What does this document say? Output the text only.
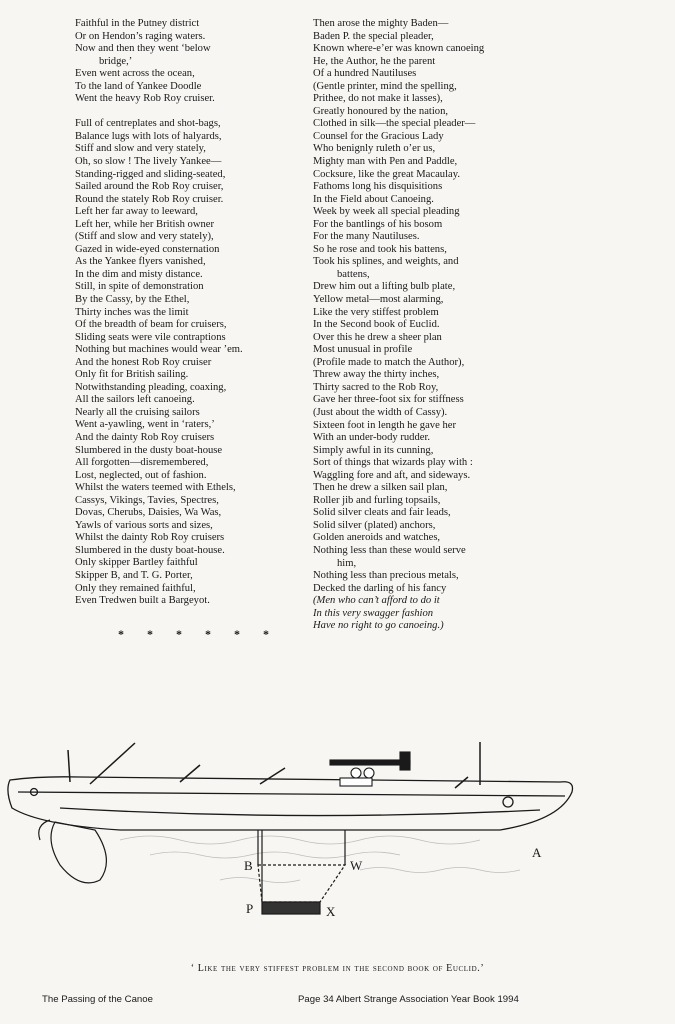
Faithful in the Putney district
Or on Hendon’s raging waters.
Now and then they went ‘below
bridge,’
Even went across the ocean,
To the land of Yankee Doodle
Went the heavy Rob Roy cruiser.
Full of centreplates and shot-bags,
Balance lugs with lots of halyards,
Stiff and slow and very stately,
Oh, so slow ! The lively Yankee—
Standing-rigged and sliding-seated,
Sailed around the Rob Roy cruiser,
Round the stately Rob Roy cruiser.
Left her far away to leeward,
Left her, while her British owner
(Stiff and slow and very stately),
Gazed in wide-eyed consternation
As the Yankee flyers vanished,
In the dim and misty distance.
Still, in spite of demonstration
By the Cassy, by the Ethel,
Thirty inches was the limit
Of the breadth of beam for cruisers,
Sliding seats were vile contraptions
Nothing but machines would wear ’em.
And the honest Rob Roy cruiser
Only fit for British sailing.
Notwithstanding pleading, coaxing,
All the sailors left canoeing.
Nearly all the cruising sailors
Went a-yawling, went in ‘raters,’
And the dainty Rob Roy cruisers
Slumbered in the dusty boat-house
All forgotten—disremembered,
Lost, neglected, out of fashion.
Whilst the waters teemed with Ethels,
Cassys, Vikings, Tavies, Spectres,
Dovas, Cherubs, Daisies, Wa Was,
Yawls of various sorts and sizes,
Whilst the dainty Rob Roy cruisers
Slumbered in the dusty boat-house.
Only skipper Bartley faithful
Skipper B, and T. G. Porter,
Only they remained faithful,
Even Tredwen built a Bargeyot.
* * * * * *
Then arose the mighty Baden—
Baden P. the special pleader,
Known where-e’er was known canoeing
He, the Author, he the parent
Of a hundred Nautiluses
(Gentle printer, mind the spelling,
Prithee, do not make it lasses),
Greatly honoured by the nation,
Clothed in silk—the special pleader—
Counsel for the Gracious Lady
Who benignly ruleth o’er us,
Mighty man with Pen and Paddle,
Cocksure, like the great Macaulay.
Fathoms long his disquisitions
In the Field about Canoeing.
Week by week all special pleading
For the bantlings of his bosom
For the many Nautiluses.
So he rose and took his battens,
Took his splines, and weights, and
battens,
Drew him out a lifting bulb plate,
Yellow metal—most alarming,
Like the very stiffest problem
In the Second book of Euclid.
Over this he drew a sheer plan
Most unusual in profile
(Profile made to match the Author),
Threw away the thirty inches,
Thirty sacred to the Rob Roy,
Gave her three-foot six for stiffness
(Just about the width of Cassy).
Sixteen foot in length he gave her
With an under-body rudder.
Simply awful in its cunning,
Sort of things that wizards play with :
Waggling fore and aft, and sideways.
Then he drew a silken sail plan,
Roller jib and furling topsails,
Solid silver cleats and fair leads,
Solid silver (plated) anchors,
Golden aneroids and watches,
Nothing less than these would serve
him,
Nothing less than precious metals,
Decked the darling of his fancy
(Men who can’t afford to do it
In this very swagger fashion
Have no right to go canoeing.)
B	W
P	X
A
‘ Like the very stiffest problem in the second book of Euclid.’
The Passing of the Canoe	Page 34 Albert Strange Association Year Book 1994
